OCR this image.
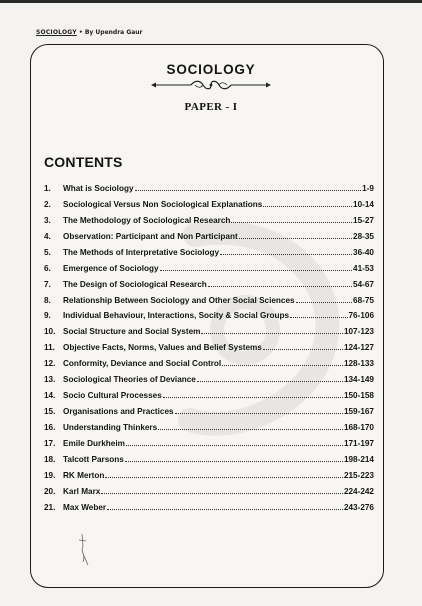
SOCIOLOGY • By Upendra Gaur
SOCIOLOGY
PAPER - I
CONTENTS
1.	What is Sociology	1-9
2.	Sociological Versus Non Sociological Explanations	10-14
3.	The Methodology of Sociological Research	15-27
4.	Observation: Participant and Non Participant	28-35
5.	The Methods of Interpretative Sociology	36-40
6.	Emergence of Sociology	41-53
7.	The Design of Sociological Research	54-67
8.	Relationship Between Sociology and Other Social Sciences	68-75
9.	Individual Behaviour, Interactions, Socity & Social Groups	76-106
10. Social Structure and Social System	107-123
11. Objective Facts, Norms, Values and Belief Systems	124-127
12. Conformity, Deviance and Social Control	128-133
13. Sociological Theories of Deviance	134-149
14. Socio Cultural Processes	150-158
15. Organisations and Practices	159-167
16. Understanding Thinkers	168-170
17. Emile Durkheim	171-197
18. Talcott Parsons	198-214
19. RK Merton	215-223
20. Karl Marx	224-242
21. Max Weber	243-276
